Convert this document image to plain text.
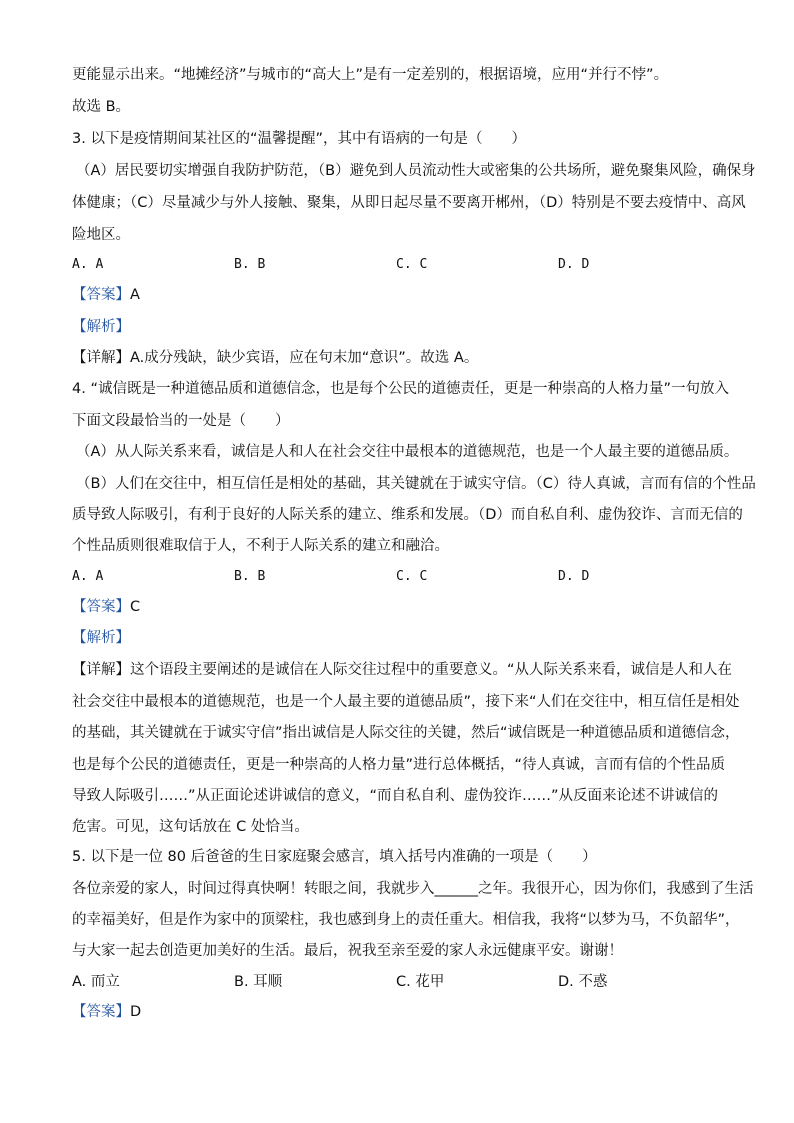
更能显示出来。“地摊经济”与城市的“高大上”是有一定差别的，根据语境，应用“并行不悖”。
故选 B。
3. 以下是疫情期间某社区的“温馨提醒”，其中有语病的一句是（　　）
（A）居民要切实增强自我防护防范，（B）避免到人员流动性大或密集的公共场所，避免聚集风险，确保身
体健康；（C）尽量减少与外人接触、聚集，从即日起尽量不要离开郴州，（D）特别是不要去疫情中、高风
险地区。
A. A	B. B	C. C	D. D
【答案】A
【解析】
【详解】A.成分残缺，缺少宾语，应在句末加“意识”。故选 A。
4. “诚信既是一种道德品质和道德信念，也是每个公民的道德责任，更是一种崇高的人格力量”一句放入
下面文段最恰当的一处是（　　）
（A）从人际关系来看，诚信是人和人在社会交往中最根本的道德规范，也是一个人最主要的道德品质。
（B）人们在交往中，相互信任是相处的基础，其关键就在于诚实守信。（C）待人真诚，言而有信的个性品
质导致人际吸引，有利于良好的人际关系的建立、维系和发展。（D）而自私自利、虚伪狡诈、言而无信的
个性品质则很难取信于人，不利于人际关系的建立和融洽。
A. A	B. B	C. C	D. D
【答案】C
【解析】
【详解】这个语段主要阐述的是诚信在人际交往过程中的重要意义。“从人际关系来看，诚信是人和人在
社会交往中最根本的道德规范，也是一个人最主要的道德品质”，接下来“人们在交往中，相互信任是相处
的基础，其关键就在于诚实守信”指出诚信是人际交往的关键，然后“诚信既是一种道德品质和道德信念，
也是每个公民的道德责任，更是一种崇高的人格力量”进行总体概括，“待人真诚，言而有信的个性品质
导致人际吸引……”从正面论述讲诚信的意义，“而自私自利、虚伪狡诈……”从反面来论述不讲诚信的
危害。可见，这句话放在 C 处恰当。
5. 以下是一位 80 后爸爸的生日家庭聚会感言，填入括号内准确的一项是（　　）
各位亲爱的家人，时间过得真快啊！转眼之间，我就步入______之年。我很开心，因为你们，我感到了生活
的幸福美好，但是作为家中的顶梁柱，我也感到身上的责任重大。相信我，我将“以梦为马，不负韶华”，
与大家一起去创造更加美好的生活。最后，祝我至亲至爱的家人永远健康平安。谢谢！
A. 而立	B. 耳顺	C. 花甲	D. 不惑
【答案】D
